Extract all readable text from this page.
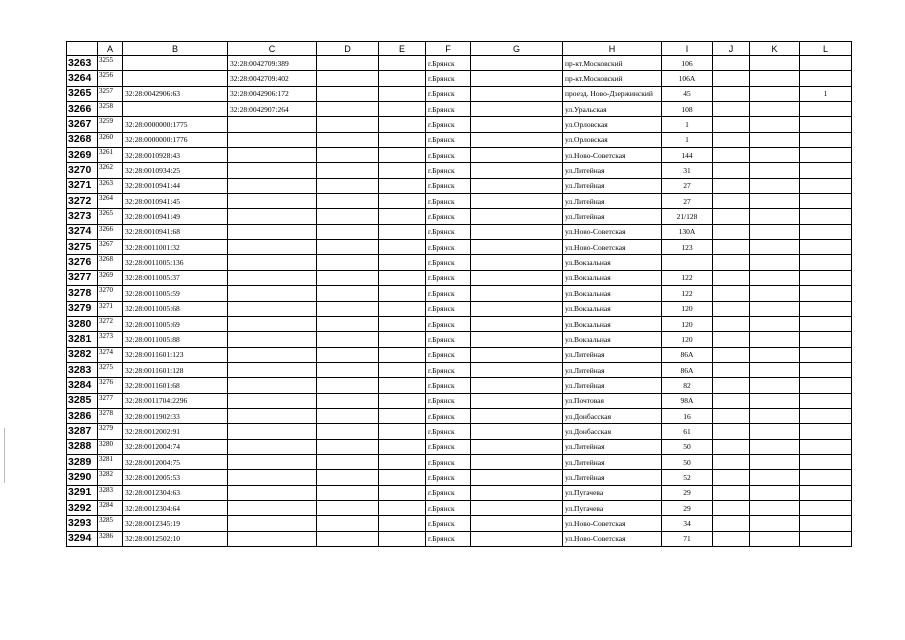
	A	B	C	D	E	F	G	H	I	J	K	L
3263	3255		32:28:0042709:389			г.Брянск		пр-кт.Московский	106			
3264	3256		32:28:0042709:402			г.Брянск		пр-кт.Московский	106А			
3265	3257	32:28:0042906:63	32:28:0042906:172			г.Брянск		проезд. Ново-Дзержинский	45			1
3266	3258		32:28:0042907:264			г.Брянск		ул.Уральская	108			
3267	3259	32:28:0000000:1775				г.Брянск		ул.Орловская	1			
3268	3260	32:28:0000000:1776				г.Брянск		ул.Орловская	1			
3269	3261	32:28:0010928:43				г.Брянск		ул.Ново-Советская	144			
3270	3262	32:28:0010934:25				г.Брянск		ул.Литейная	31			
3271	3263	32:28:0010941:44				г.Брянск		ул.Литейная	27			
3272	3264	32:28:0010941:45				г.Брянск		ул.Литейная	27			
3273	3265	32:28:0010941:49				г.Брянск		ул.Литейная	21/128			
3274	3266	32:28:0010941:68				г.Брянск		ул.Ново-Советская	130А			
3275	3267	32:28:0011001:32				г.Брянск		ул.Ново-Советская	123			
3276	3268	32:28:0011005:136				г.Брянск		ул.Вокзальная				
3277	3269	32:28:0011005:37				г.Брянск		ул.Вокзальная	122			
3278	3270	32:28:0011005:59				г.Брянск		ул.Вокзальная	122			
3279	3271	32:28:0011005:68				г.Брянск		ул.Вокзальная	120			
3280	3272	32:28:0011005:69				г.Брянск		ул.Вокзальная	120			
3281	3273	32:28:0011005:88				г.Брянск		ул.Вокзальная	120			
3282	3274	32:28:0011601:123				г.Брянск		ул.Литейная	86А			
3283	3275	32:28:0011601:128				г.Брянск		ул.Литейная	86А			
3284	3276	32:28:0011601:68				г.Брянск		ул.Литейная	82			
3285	3277	32:28:0011704:2296				г.Брянск		ул.Почтовая	98А			
3286	3278	32:28:0011902:33				г.Брянск		ул.Донбасская	16			
3287	3279	32:28:0012002:91				г.Брянск		ул.Донбасская	61			
3288	3280	32:28:0012004:74				г.Брянск		ул.Литейная	50			
3289	3281	32:28:0012004:75				г.Брянск		ул.Литейная	50			
3290	3282	32:28:0012005:53				г.Брянск		ул.Литейная	52			
3291	3283	32:28:0012304:63				г.Брянск		ул.Пугачева	29			
3292	3284	32:28:0012304:64				г.Брянск		ул.Пугачева	29			
3293	3285	32:28:0012345:19				г.Брянск		ул.Ново-Советская	34			
3294	3286	32:28:0012502:10				г.Брянск		ул.Ново-Советская	71			
